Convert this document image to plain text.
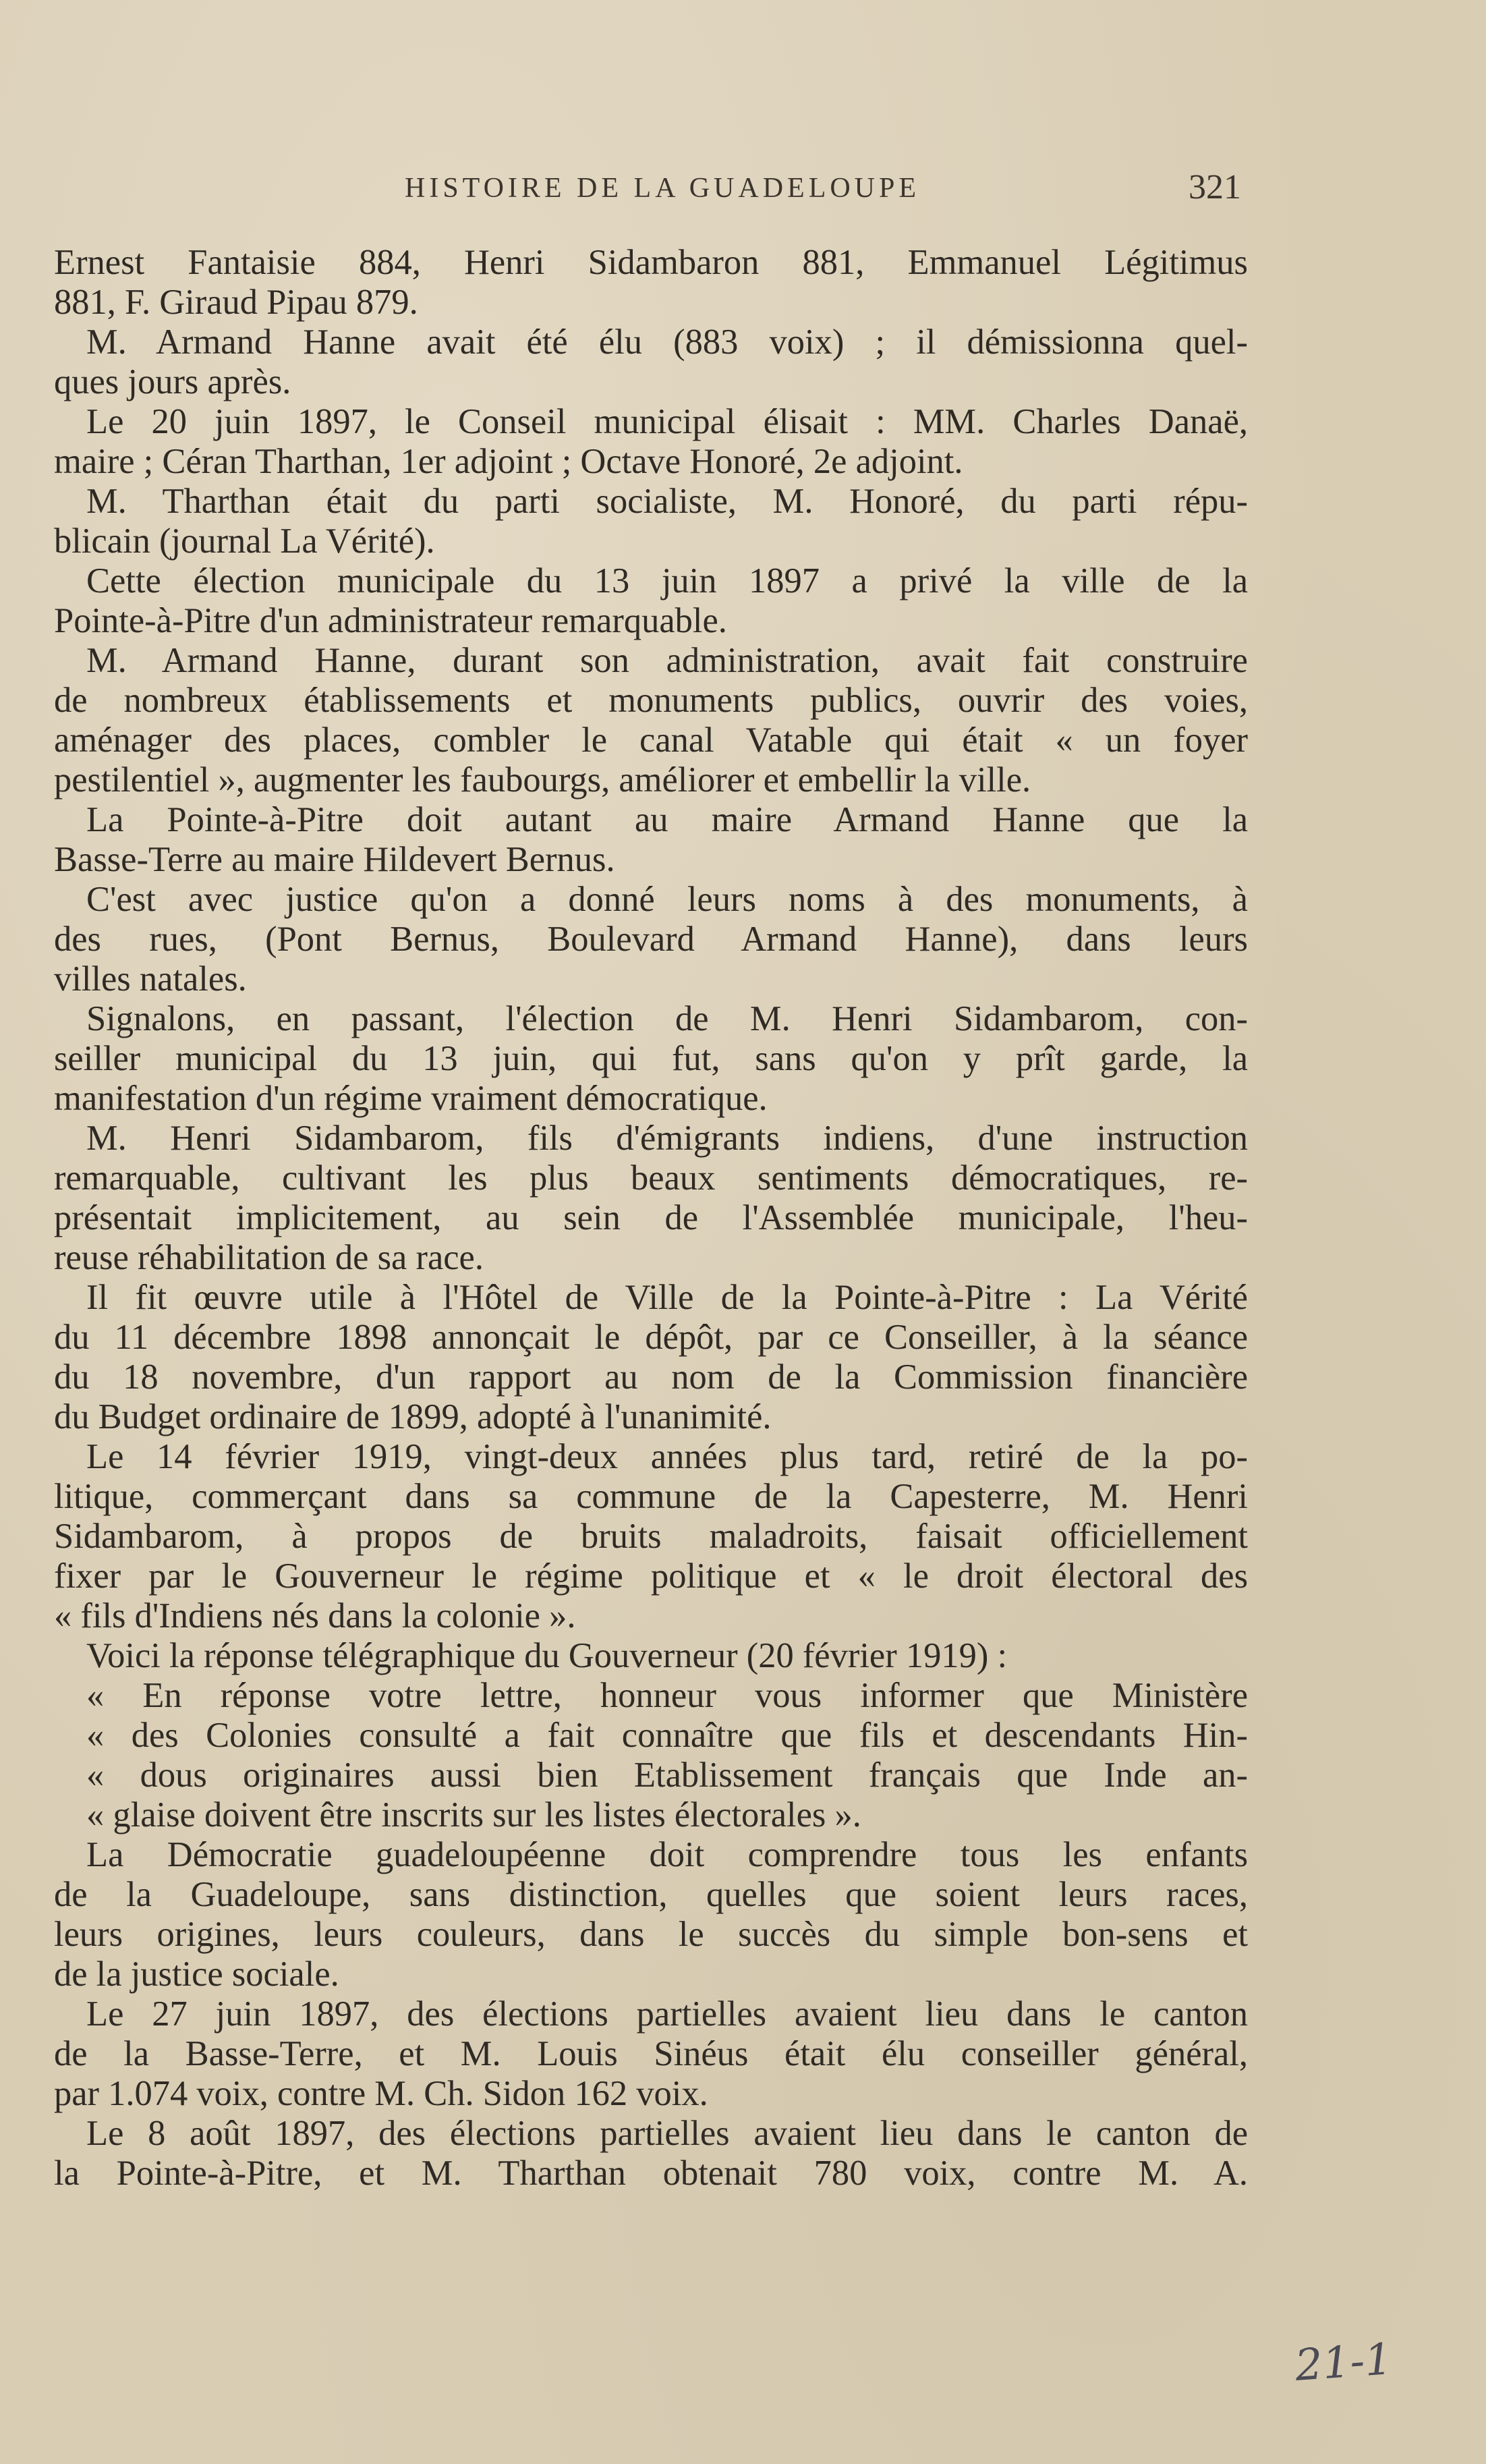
HISTOIRE DE LA GUADELOUPE	321
Ernest Fantaisie 884, Henri Sidambaron 881, Emmanuel Légitimus
881, F. Giraud Pipau 879.
M. Armand Hanne avait été élu (883 voix) ; il démissionna quel-
ques jours après.
Le 20 juin 1897, le Conseil municipal élisait : MM. Charles Danaë,
maire ; Céran Tharthan, 1er adjoint ; Octave Honoré, 2e adjoint.
M. Tharthan était du parti socialiste, M. Honoré, du parti répu-
blicain (journal La Vérité).
Cette élection municipale du 13 juin 1897 a privé la ville de la
Pointe-à-Pitre d'un administrateur remarquable.
M. Armand Hanne, durant son administration, avait fait construire
de nombreux établissements et monuments publics, ouvrir des voies,
aménager des places, combler le canal Vatable qui était « un foyer
pestilentiel », augmenter les faubourgs, améliorer et embellir la ville.
La Pointe-à-Pitre doit autant au maire Armand Hanne que la
Basse-Terre au maire Hildevert Bernus.
C'est avec justice qu'on a donné leurs noms à des monuments, à
des rues, (Pont Bernus, Boulevard Armand Hanne), dans leurs
villes natales.
Signalons, en passant, l'élection de M. Henri Sidambarom, con-
seiller municipal du 13 juin, qui fut, sans qu'on y prît garde, la
manifestation d'un régime vraiment démocratique.
M. Henri Sidambarom, fils d'émigrants indiens, d'une instruction
remarquable, cultivant les plus beaux sentiments démocratiques, re-
présentait implicitement, au sein de l'Assemblée municipale, l'heu-
reuse réhabilitation de sa race.
Il fit œuvre utile à l'Hôtel de Ville de la Pointe-à-Pitre : La Vérité
du 11 décembre 1898 annonçait le dépôt, par ce Conseiller, à la séance
du 18 novembre, d'un rapport au nom de la Commission financière
du Budget ordinaire de 1899, adopté à l'unanimité.
Le 14 février 1919, vingt-deux années plus tard, retiré de la po-
litique, commerçant dans sa commune de la Capesterre, M. Henri
Sidambarom, à propos de bruits maladroits, faisait officiellement
fixer par le Gouverneur le régime politique et « le droit électoral des
« fils d'Indiens nés dans la colonie ».
Voici la réponse télégraphique du Gouverneur (20 février 1919) :
« En réponse votre lettre, honneur vous informer que Ministère
« des Colonies consulté a fait connaître que fils et descendants Hin-
« dous originaires aussi bien Etablissement français que Inde an-
« glaise doivent être inscrits sur les listes électorales ».
La Démocratie guadeloupéenne doit comprendre tous les enfants
de la Guadeloupe, sans distinction, quelles que soient leurs races,
leurs origines, leurs couleurs, dans le succès du simple bon-sens et
de la justice sociale.
Le 27 juin 1897, des élections partielles avaient lieu dans le canton
de la Basse-Terre, et M. Louis Sinéus était élu conseiller général,
par 1.074 voix, contre M. Ch. Sidon 162 voix.
Le 8 août 1897, des élections partielles avaient lieu dans le canton de
la Pointe-à-Pitre, et M. Tharthan obtenait 780 voix, contre M. A.
21-1
